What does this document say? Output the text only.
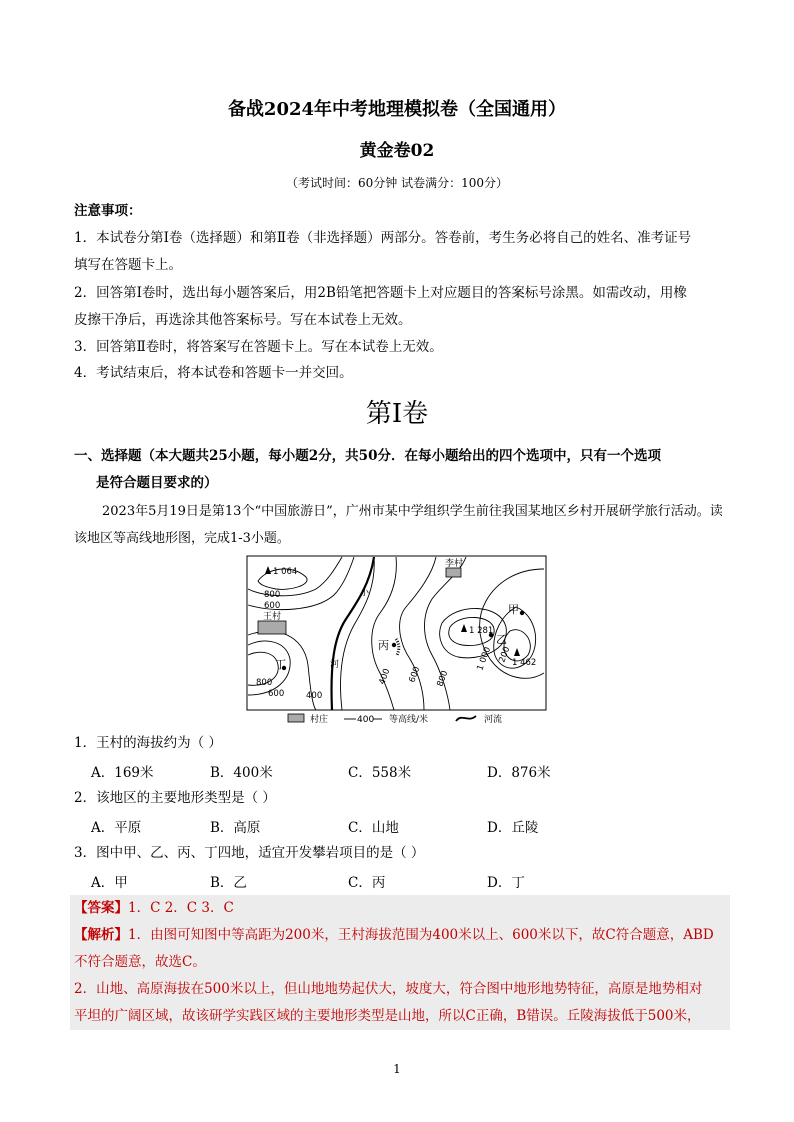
备战2024年中考地理模拟卷（全国通用）
黄金卷02
（考试时间：60分钟 试卷满分：100分）
注意事项：
1．本试卷分第Ⅰ卷（选择题）和第Ⅱ卷（非选择题）两部分。答卷前，考生务必将自己的姓名、准考证号
填写在答题卡上。
2．回答第Ⅰ卷时，选出每小题答案后，用2B铅笔把答题卡上对应题目的答案标号涂黑。如需改动，用橡
皮擦干净后，再选涂其他答案标号。写在本试卷上无效。
3．回答第Ⅱ卷时，将答案写在答题卡上。写在本试卷上无效。
4．考试结束后，将本试卷和答题卡一并交回。
第Ⅰ卷
一、选择题（本大题共25小题，每小题2分，共50分．在每小题给出的四个选项中，只有一个选项
是符合题目要求的）
2023年5月19日是第13个“中国旅游日”，广州市某中学组织学生前往我国某地区乡村开展研学旅行活动。读该地区等高线地形图，完成1-3小题。
1 064
1 281
1 462
李村
王村
甲
乙
丙
丁
小
河
800
600
800
600	400
400 600 800
1 000 200
村庄	400 等高线/米	河流
1．王村的海拔约为（ ）
A．169米	B．400米	C．558米	D．876米
2．该地区的主要地形类型是（ ）
A．平原	B．高原	C．山地	D．丘陵
3．图中甲、乙、丙、丁四地，适宜开发攀岩项目的是（ ）
A．甲	B．乙	C．丙	D．丁
【答案】1．C 2．C 3．C
【解析】1．由图可知图中等高距为200米，王村海拔范围为400米以上、600米以下，故C符合题意，ABD
不符合题意，故选C。
2．山地、高原海拔在500米以上，但山地地势起伏大，坡度大，符合图中地形地势特征，高原是地势相对
平坦的广阔区域，故该研学实践区域的主要地形类型是山地，所以C正确，B错误。丘陵海拔低于500米，
1
